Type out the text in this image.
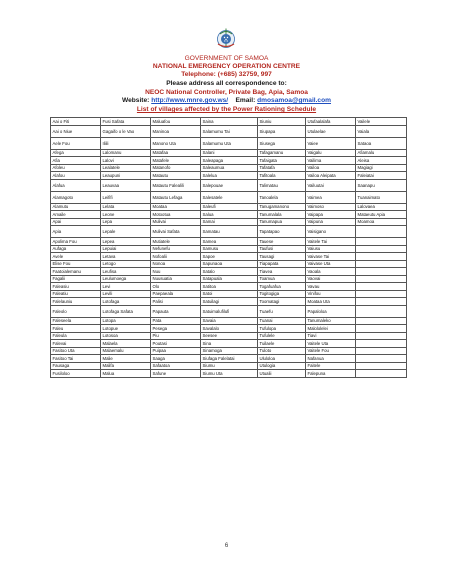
GOVERNMENT OF SAMOA
NATIONAL EMERGENCY OPERATION CENTRE
Telephone: (+685) 32759, 997
Please address all correspondence to:
NEOC National Controller, Private Bag, Apia, Samoa
Website: http://www.mnre.gov.ws/ Email: dmosamoa@gmail.com
List of villages affected by the Power Rationing Schedule
Aai o Fiti	Fusi Safata	Maluafou	Saina	Siuniu	Utufaalalafa	Vailele
Aai o Niue	Gagaifo o le Vao	Maninoa	Salamumu Tai	Siupapa	Utulaelae	Vaiala
Aele Fou	Iliili	Manono Uta	Salamumu Uta	Siusega	Vaiee	Sataoa
Afega	Lalomanu	Matafaa	Salani	Tafagamanu	Vaigalu	Afiamalu
Afia	Lalovi	Matafele	Saleapaga	Tafaigata	Vailima	Aleisa
Afoleu	Lealatele	Matanofo	Saleaumua	Tafatafa	Vailoa	Magiagi
Alafou	Leaupuni	Matautu	Salelua	Tafitoala	Vailoa Aleipata	Faleiatai
Alafua	Leauvaa	Matautu Falealili	Salepouae	Talimatau	Vailuutai	Saanapu
Alamagoto	Leififi	Matautu Lefaga	Salesatele	Tanoalela	Vaimea	Tuanaimato
Alamutu	Lelata	Moataa	Saleufi	Tanugamanono	Vaimoso	Lalovaea
Amaile	Leone	Motootua	Salua	Tanumalala	Vaipapa	Mataeutu Apia
Apai	Lepa	Mulivai	Samai	Tanumapua	Vaipuna	Moamoa
Apia	Lepale	Mulivai Safata	Samatau	Tapatapao	Vaisigano	
Apolima Fou	Lepea	Mutiatele	Samea	Tauese	Vaitele Tai	
Aufaga	Lepuiai	Nefunefu	Samusu	Taufusi	Vaiusu	
Avele	Letava	Nofoalii	Sapoe	Tausagi	Vaivase Tai	
Elise Fou	Letogo	Nonoa	Sapunaoa	Tiapapata	Vaivase Uta	
Faatoialemanu	Leufisa	Nuu	Satalo	Tiavea	Vaoala	
Fagalii	Leulumoega	Nuusuatia	Satapuala	Toamua	Vaovai	
Faleasiu	Levi	Olo	Satitoa	Togafuafua	Vavau	
Faleatiu	Levili	Paepaeala	Satoi	Togitogiga	Vinifou	
Falelauniu	Lotofaga	Palisi	Satuilagi	Toomatagi	Moataa Uta	
Faleolo	Lotofaga Safata	Papauta	Satuimalufilufi	Tuaefu	Papaloloa	
Faleseela	Lotopa	Pata	Savaia	Tuanai	Tanumaleko	
Faleu	Lotopue	Pesega	Savalalo	Tufulopa	Malololelei	
Faleula	Lotosoa	Piu	Seesee	Tufulele	Tiavi	
Falevai	Malaela	Poutasi	Sina	Tuilaele	Vaitele Uta	
Fasitoo Uta	Malaemalu	Puipaa	Sinamoga	Tuloto	Vaitele Fou	
Fasitoo Tai	Malie	Saaga	Siufaga Falelatai	Ululoloa	Nafanua	
Fausaga	Malifa	Safaatoa	Siumu	Utulogia	Faitele	
Fusiloloo	Malua	Safune	Siumu Uta	Utualii	Falepuna	
6
